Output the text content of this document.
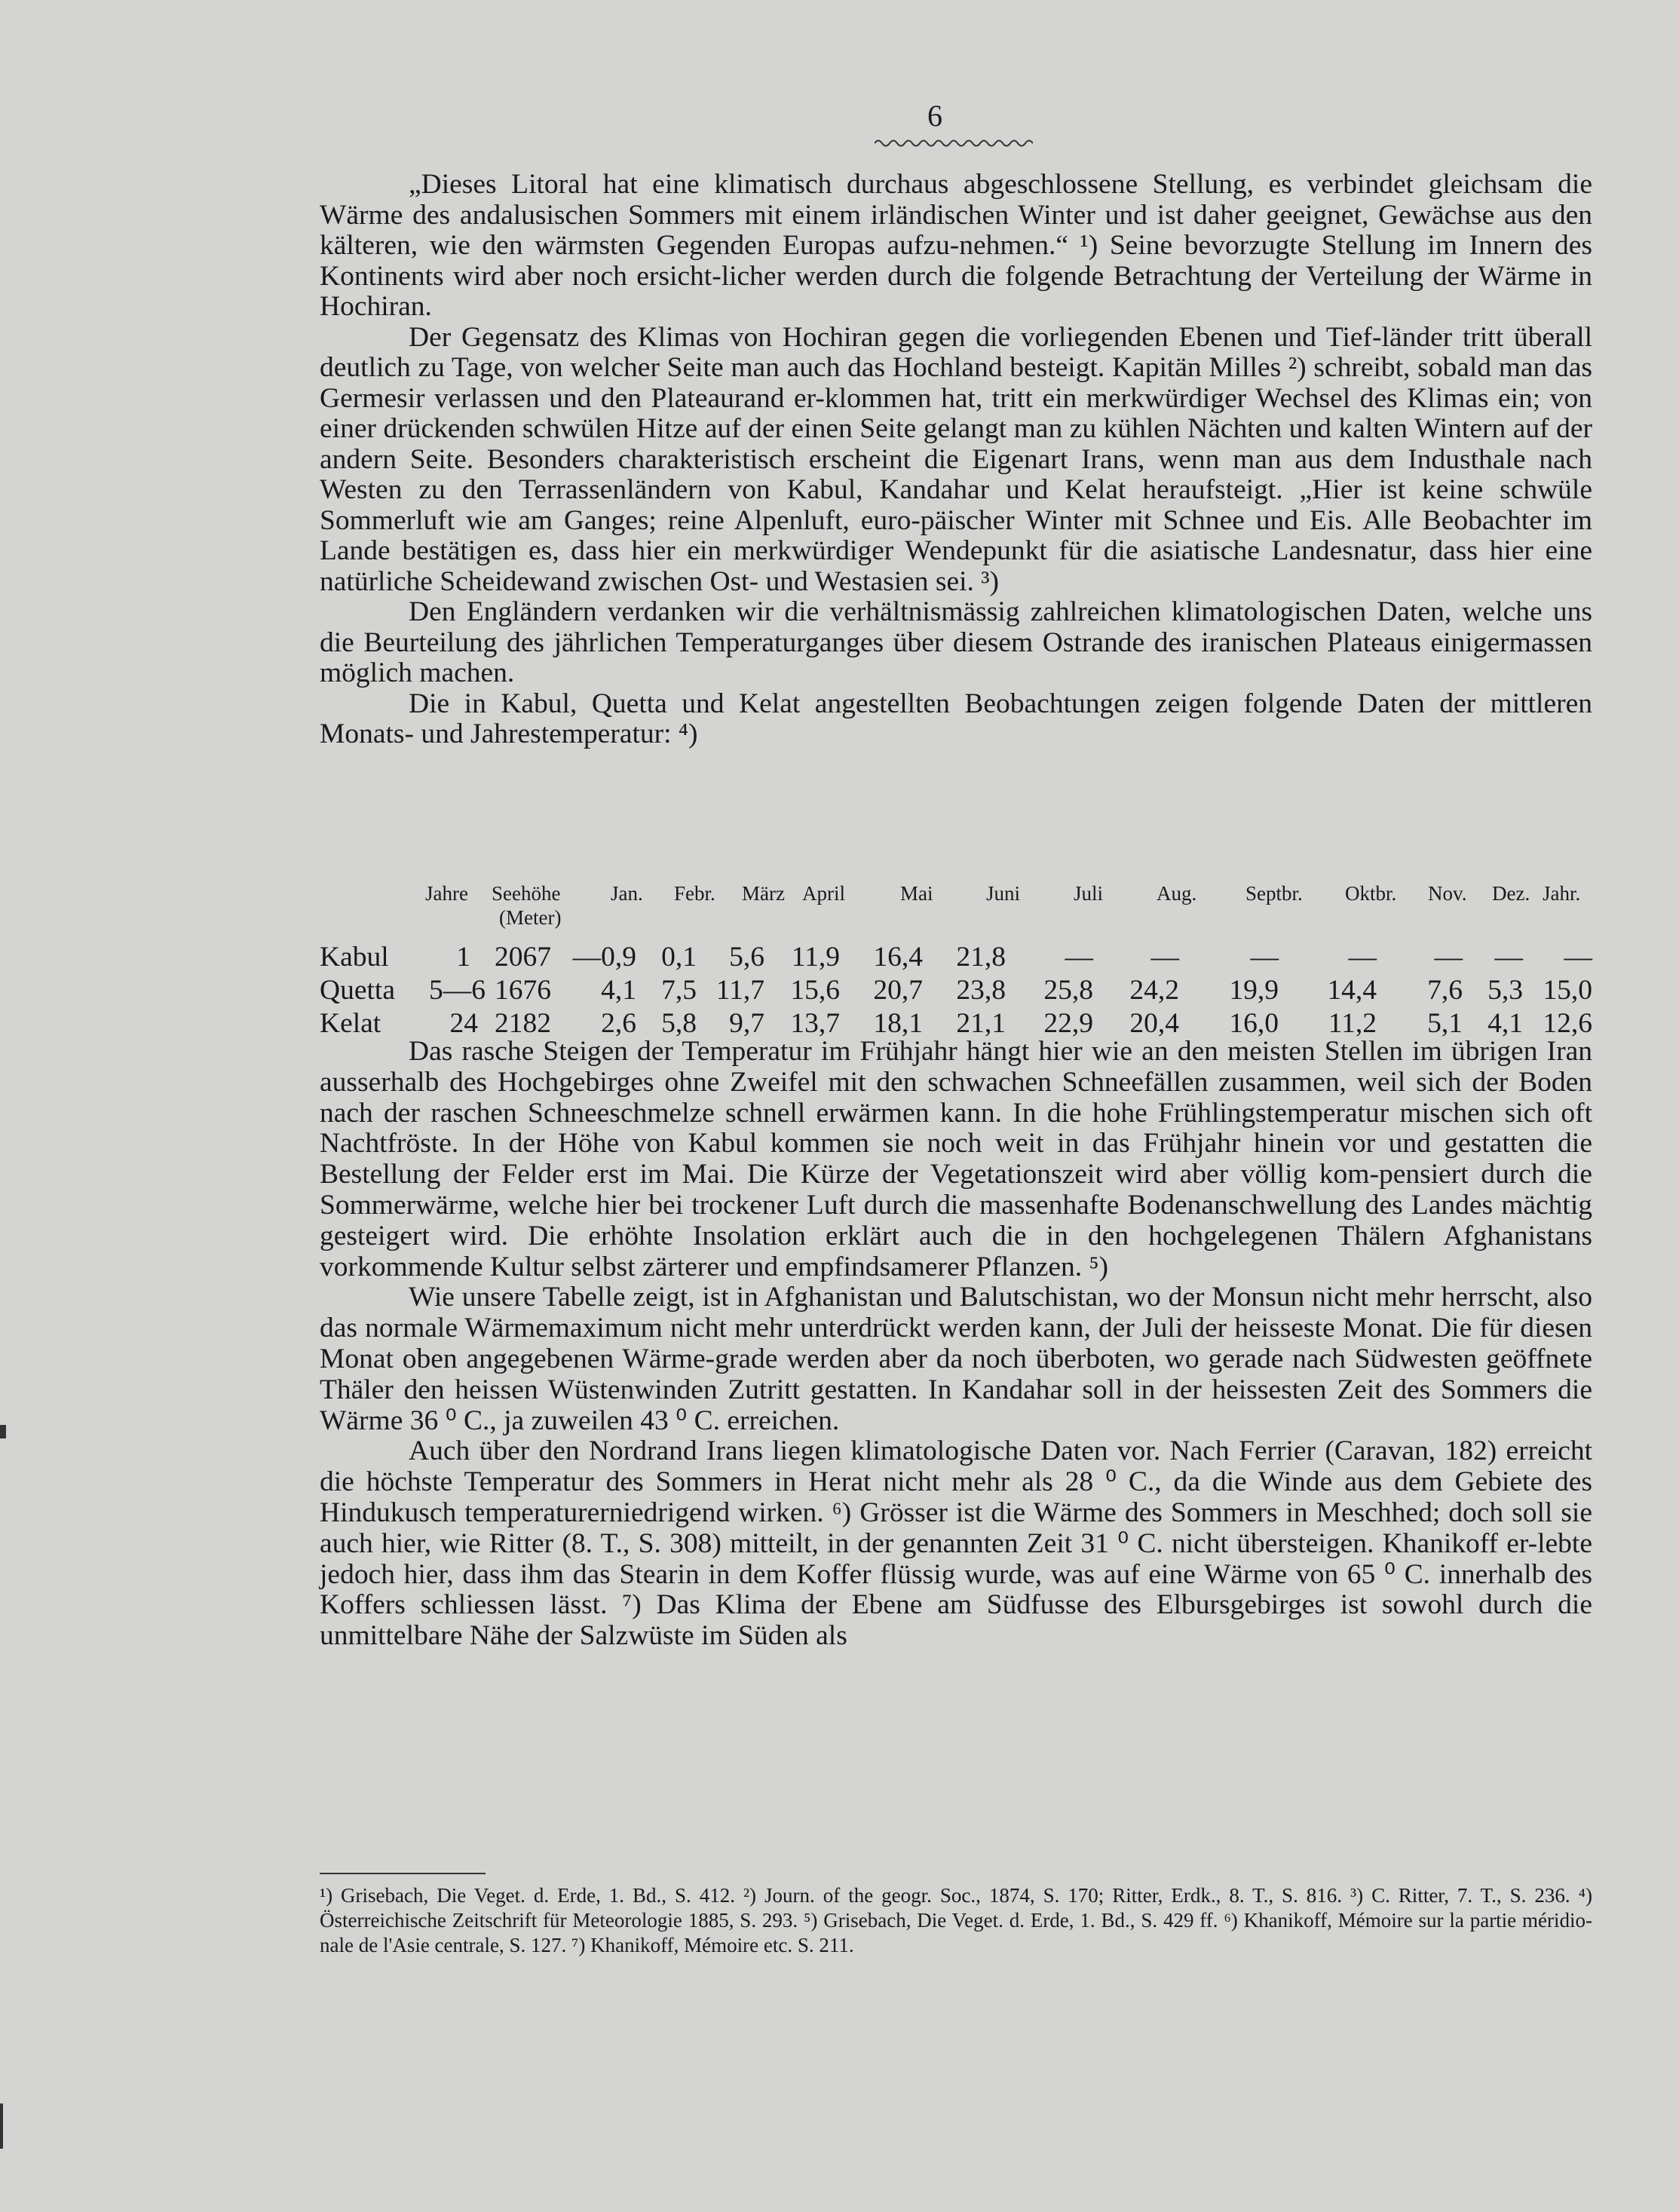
6

„Dieses Litoral hat eine klimatisch durchaus abgeschlossene Stellung, es verbindet gleichsam die Wärme des andalusischen Sommers mit einem irländischen Winter und ist daher geeignet, Gewächse aus den kälteren, wie den wärmsten Gegenden Europas aufzu-nehmen.“ ¹) Seine bevorzugte Stellung im Innern des Kontinents wird aber noch ersicht-licher werden durch die folgende Betrachtung der Verteilung der Wärme in Hochiran.

Der Gegensatz des Klimas von Hochiran gegen die vorliegenden Ebenen und Tief-länder tritt überall deutlich zu Tage, von welcher Seite man auch das Hochland besteigt. Kapitän Milles ²) schreibt, sobald man das Germesir verlassen und den Plateaurand er-klommen hat, tritt ein merkwürdiger Wechsel des Klimas ein; von einer drückenden schwülen Hitze auf der einen Seite gelangt man zu kühlen Nächten und kalten Wintern auf der andern Seite. Besonders charakteristisch erscheint die Eigenart Irans, wenn man aus dem Industhale nach Westen zu den Terrassenländern von Kabul, Kandahar und Kelat heraufsteigt. „Hier ist keine schwüle Sommerluft wie am Ganges; reine Alpenluft, euro-päischer Winter mit Schnee und Eis. Alle Beobachter im Lande bestätigen es, dass hier ein merkwürdiger Wendepunkt für die asiatische Landesnatur, dass hier eine natürliche Scheidewand zwischen Ost- und Westasien sei. ³)

Den Engländern verdanken wir die verhältnismässig zahlreichen klimatologischen Daten, welche uns die Beurteilung des jährlichen Temperaturganges über diesem Ostrande des iranischen Plateaus einigermassen möglich machen.

Die in Kabul, Quetta und Kelat angestellten Beobachtungen zeigen folgende Daten der mittleren Monats- und Jahrestemperatur: ⁴)

Jahre Seehöhe Jan. Febr. März April	Mai	Juni	Juli	Aug. Septbr. Oktbr. Nov. Dez. Jahr.
(Meter)
Kabul	1 2067 —0,9 0,1	5,6 11,9	16,4	21,8	—	—	—	—	—	—	—
Quetta	5—6 1676	4,1 7,5 11,7 15,6	20,7	23,8	25,8	24,2	19,9	14,4	7,6 5,3 15,0
Kelat	24 2182	2,6 5,8	9,7 13,7	18,1	21,1	22,9	20,4	16,0	11,2	5,1 4,1 12,6

Das rasche Steigen der Temperatur im Frühjahr hängt hier wie an den meisten Stellen im übrigen Iran ausserhalb des Hochgebirges ohne Zweifel mit den schwachen Schneefällen zusammen, weil sich der Boden nach der raschen Schneeschmelze schnell erwärmen kann. In die hohe Frühlingstemperatur mischen sich oft Nachtfröste. In der Höhe von Kabul kommen sie noch weit in das Frühjahr hinein vor und gestatten die Bestellung der Felder erst im Mai. Die Kürze der Vegetationszeit wird aber völlig kom-pensiert durch die Sommerwärme, welche hier bei trockener Luft durch die massenhafte Bodenanschwellung des Landes mächtig gesteigert wird. Die erhöhte Insolation erklärt auch die in den hochgelegenen Thälern Afghanistans vorkommende Kultur selbst zärterer und empfindsamerer Pflanzen. ⁵)

Wie unsere Tabelle zeigt, ist in Afghanistan und Balutschistan, wo der Monsun nicht mehr herrscht, also das normale Wärmemaximum nicht mehr unterdrückt werden kann, der Juli der heisseste Monat. Die für diesen Monat oben angegebenen Wärme-grade werden aber da noch überboten, wo gerade nach Südwesten geöffnete Thäler den heissen Wüstenwinden Zutritt gestatten. In Kandahar soll in der heissesten Zeit des Sommers die Wärme 36 ⁰ C., ja zuweilen 43 ⁰ C. erreichen.

Auch über den Nordrand Irans liegen klimatologische Daten vor. Nach Ferrier (Caravan, 182) erreicht die höchste Temperatur des Sommers in Herat nicht mehr als 28 ⁰ C., da die Winde aus dem Gebiete des Hindukusch temperaturerniedrigend wirken. ⁶) Grösser ist die Wärme des Sommers in Meschhed; doch soll sie auch hier, wie Ritter (8. T., S. 308) mitteilt, in der genannten Zeit 31 ⁰ C. nicht übersteigen. Khanikoff er-lebte jedoch hier, dass ihm das Stearin in dem Koffer flüssig wurde, was auf eine Wärme von 65 ⁰ C. innerhalb des Koffers schliessen lässt. ⁷) Das Klima der Ebene am Südfusse des Elbursgebirges ist sowohl durch die unmittelbare Nähe der Salzwüste im Süden als

¹) Grisebach, Die Veget. d. Erde, 1. Bd., S. 412. ²) Journ. of the geogr. Soc., 1874, S. 170; Ritter, Erdk., 8. T., S. 816. ³) C. Ritter, 7. T., S. 236. ⁴) Österreichische Zeitschrift für Meteorologie 1885, S. 293. ⁵) Grisebach, Die Veget. d. Erde, 1. Bd., S. 429 ff. ⁶) Khanikoff, Mémoire sur la partie méridio-nale de l'Asie centrale, S. 127. ⁷) Khanikoff, Mémoire etc. S. 211.
